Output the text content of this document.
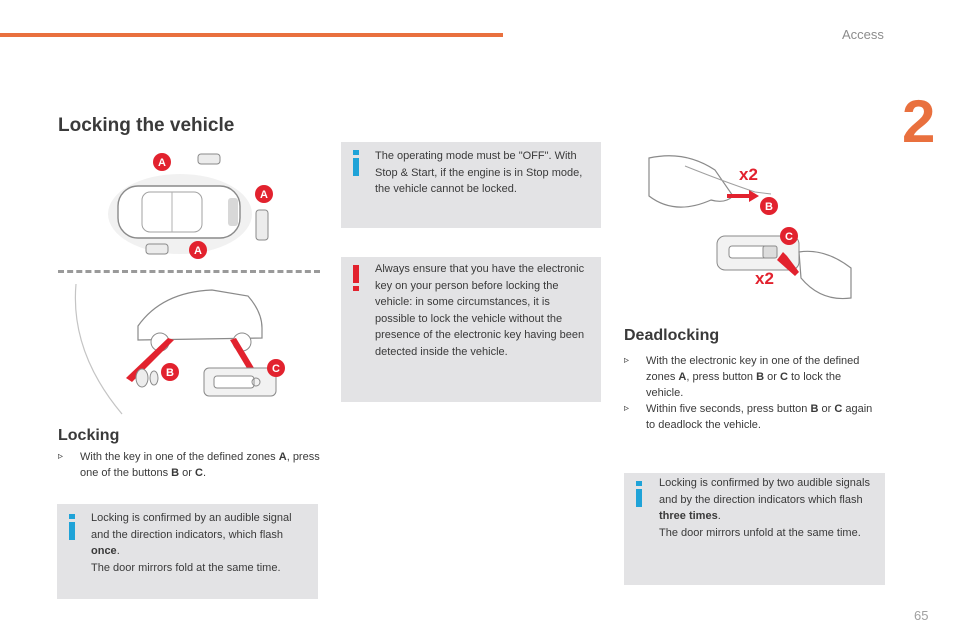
Access
2
Locking the vehicle
A
A
A
B	C
Locking
▹ With the key in one of the defined zones A, press one of the buttons B or C.
Locking is confirmed by an audible signal and the direction indicators, which flash once.
The door mirrors fold at the same time.
The operating mode must be "OFF". With Stop & Start, if the engine is in Stop mode, the vehicle cannot be locked.
Always ensure that you have the electronic key on your person before locking the vehicle: in some circumstances, it is possible to lock the vehicle without the presence of the electronic key having been detected inside the vehicle.
x2
B
C
x2
Deadlocking
▹ With the electronic key in one of the defined zones A, press button B or C to lock the vehicle.
▹ Within five seconds, press button B or C again to deadlock the vehicle.
Locking is confirmed by two audible signals and by the direction indicators which flash three times.
The door mirrors unfold at the same time.
65
